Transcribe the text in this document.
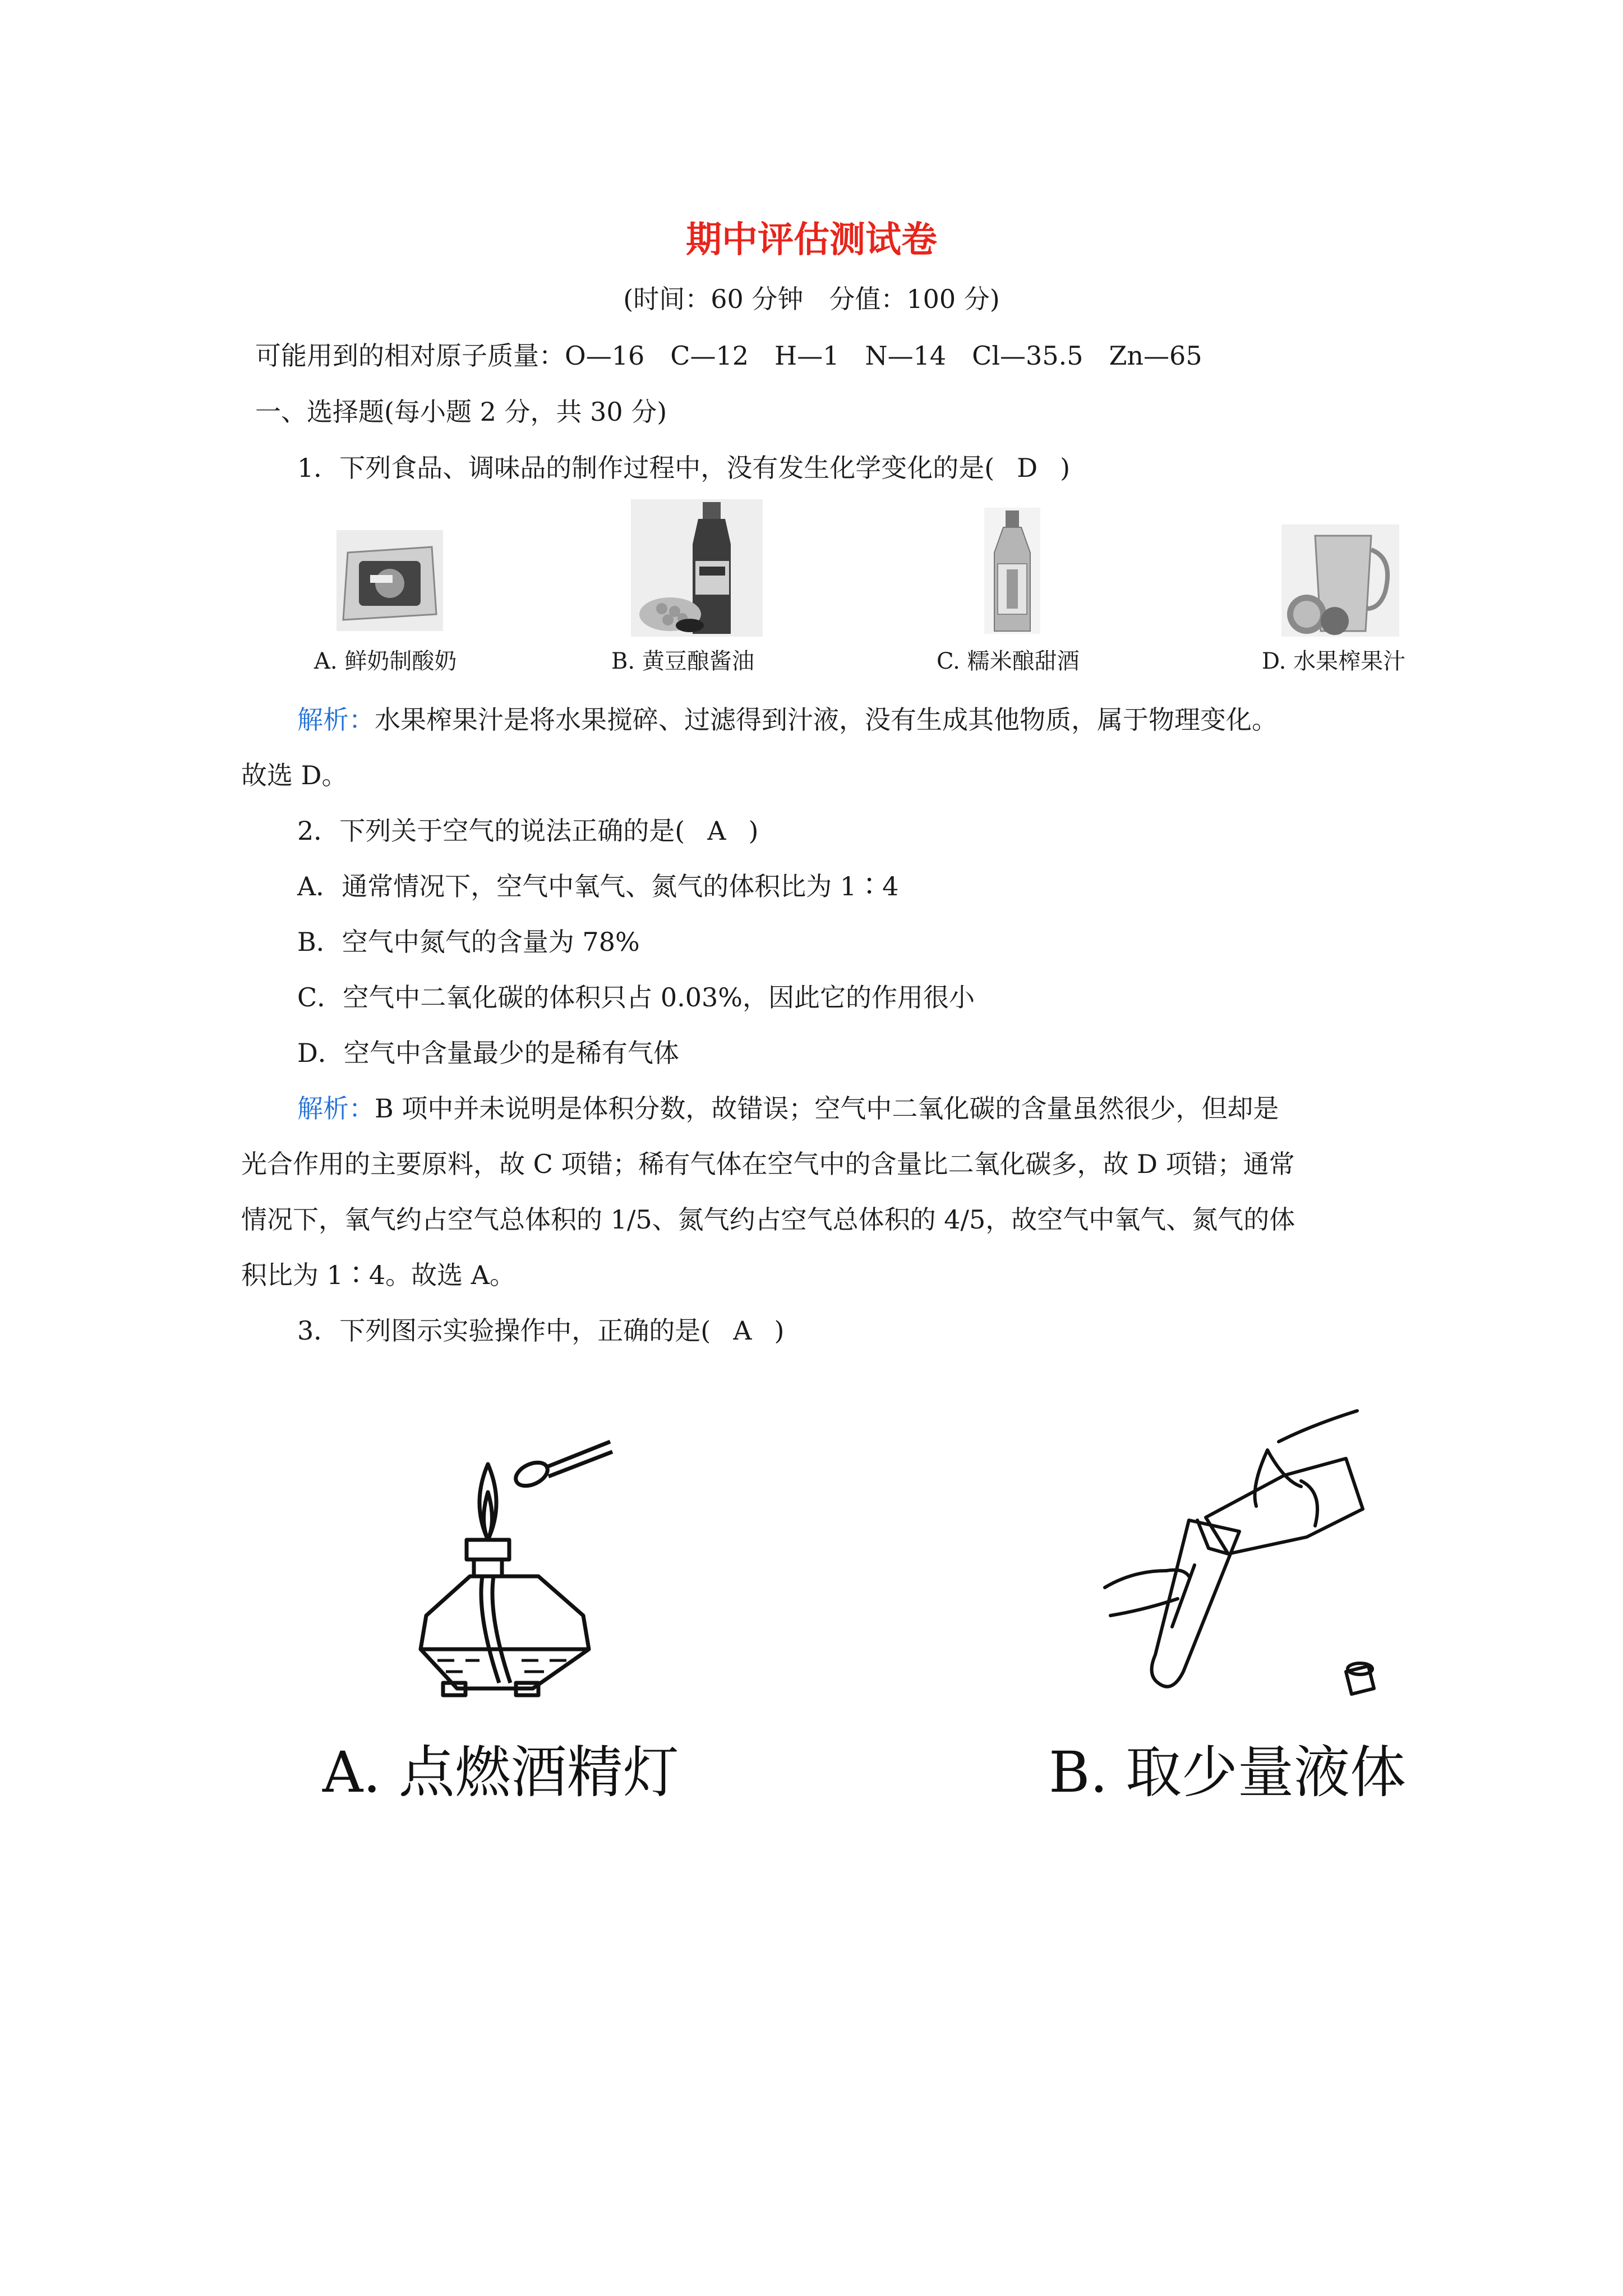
期中评估测试卷
(时间：60 分钟　分值：100 分)
可能用到的相对原子质量：O—16　C—12　H—1　N—14　Cl—35.5　Zn—65
一、选择题(每小题 2 分，共 30 分)
1．下列食品、调味品的制作过程中，没有发生化学变化的是( D )
A. 鲜奶制酸奶	B. 黄豆酿酱油	C. 糯米酿甜酒	D. 水果榨果汁
解析：水果榨果汁是将水果搅碎、过滤得到汁液，没有生成其他物质，属于物理变化。
故选 D。
2．下列关于空气的说法正确的是( A )
A．通常情况下，空气中氧气、氮气的体积比为 1∶4
B．空气中氮气的含量为 78%
C．空气中二氧化碳的体积只占 0.03%，因此它的作用很小
D．空气中含量最少的是稀有气体
解析：B 项中并未说明是体积分数，故错误；空气中二氧化碳的含量虽然很少，但却是
光合作用的主要原料，故 C 项错；稀有气体在空气中的含量比二氧化碳多，故 D 项错；通常
情况下，氧气约占空气总体积的 1/5、氮气约占空气总体积的 4/5，故空气中氧气、氮气的体
积比为 1∶4。故选 A。
3．下列图示实验操作中，正确的是( A )
A. 点燃酒精灯	B. 取少量液体
